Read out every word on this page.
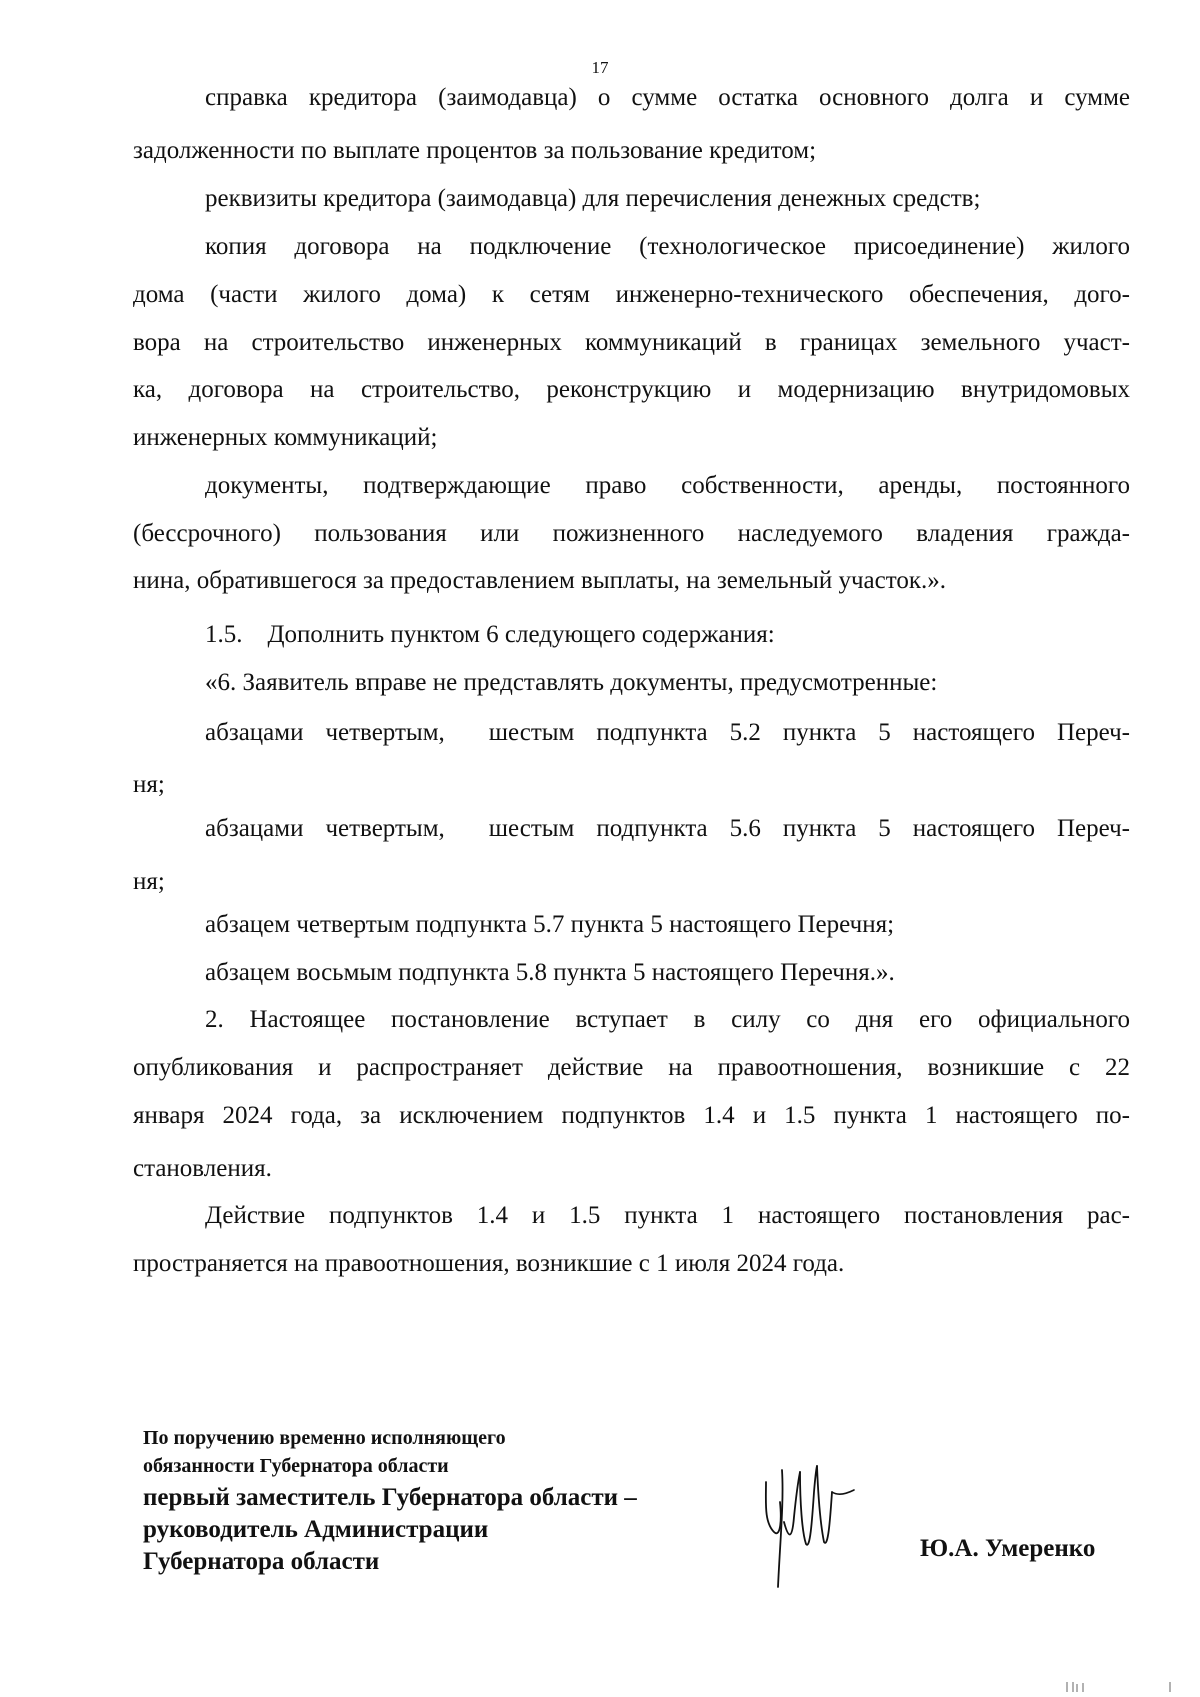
17
справка кредитора (заимодавца) о сумме остатка основного долга и сумме
задолженности по выплате процентов за пользование кредитом;
реквизиты кредитора (заимодавца) для перечисления денежных средств;
копия договора на подключение (технологическое присоединение) жилого
дома (части жилого дома) к сетям инженерно-технического обеспечения, дого-
вора на строительство инженерных коммуникаций в границах земельного участ-
ка, договора на строительство, реконструкцию и модернизацию внутридомовых
инженерных коммуникаций;
документы, подтверждающие право собственности, аренды, постоянного
(бессрочного) пользования или пожизненного наследуемого владения гражда-
нина, обратившегося за предоставлением выплаты, на земельный участок.».
1.5.    Дополнить пунктом 6 следующего содержания:
«6. Заявитель вправе не представлять документы, предусмотренные:
абзацами четвертым,  шестым подпункта 5.2 пункта 5 настоящего Переч-
ня;
абзацами четвертым,  шестым подпункта 5.6 пункта 5 настоящего Переч-
ня;
абзацем четвертым подпункта 5.7 пункта 5 настоящего Перечня;
абзацем восьмым подпункта 5.8 пункта 5 настоящего Перечня.».
2. Настоящее постановление вступает в силу со дня его официального
опубликования и распространяет действие на правоотношения, возникшие с 22
января 2024 года, за исключением подпунктов 1.4 и 1.5 пункта 1 настоящего по-
становления.
Действие подпунктов 1.4 и 1.5 пункта 1 настоящего постановления рас-
пространяется на правоотношения, возникшие с 1 июля 2024 года.
По поручению временно исполняющего
обязанности Губернатора области
первый заместитель Губернатора области –
руководитель Администрации
Губернатора области	Ю.А. Умеренко
